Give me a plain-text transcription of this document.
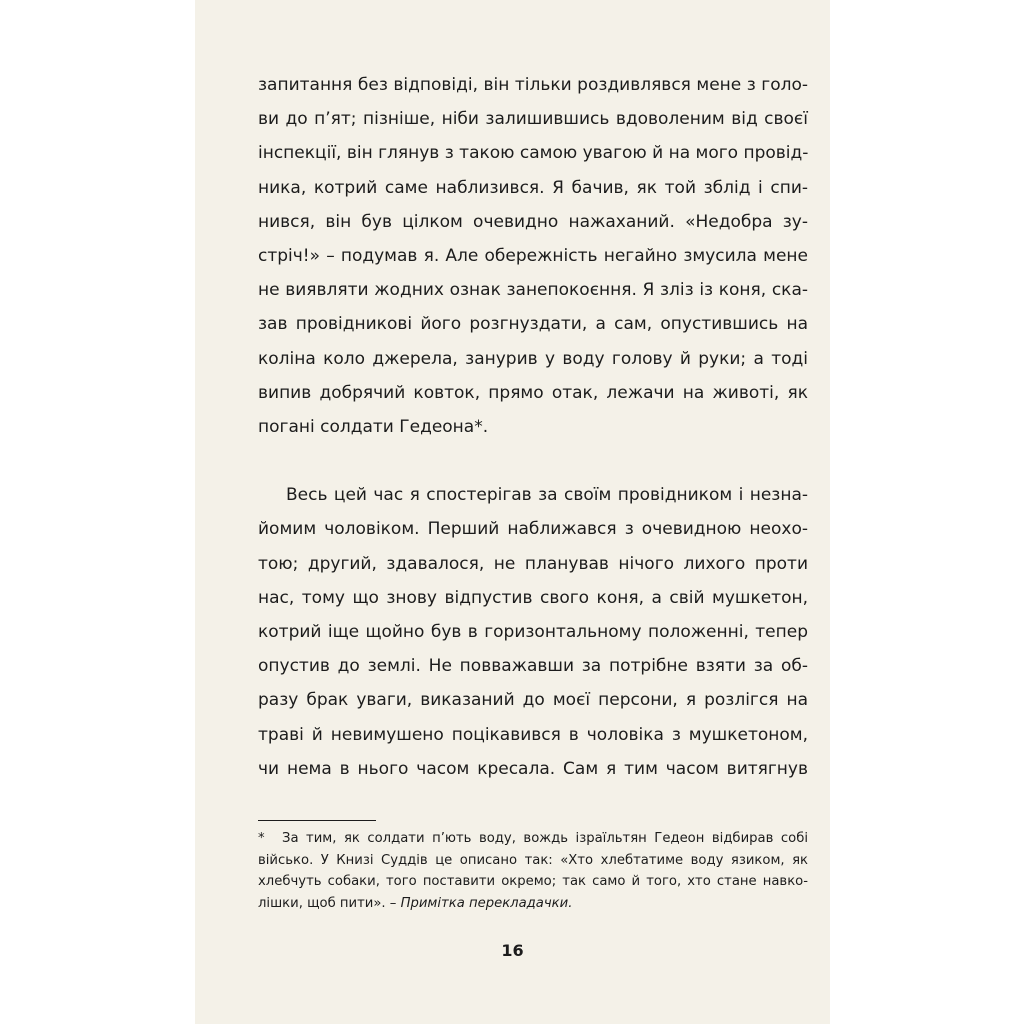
запитання без відповіді, він тільки роздивлявся мене з голо-
ви до п’ят; пізніше, ніби залишившись вдоволеним від своєї
інспекції, він глянув з такою самою увагою й на мого провід-
ника, котрий саме наблизився. Я бачив, як той зблід і спи-
нився, він був цілком очевидно нажаханий. «Недобра зу-
стріч!» – подумав я. Але обережність негайно змусила мене
не виявляти жодних ознак занепокоєння. Я зліз із коня, ска-
зав провідникові його розгнуздати, а сам, опустившись на
коліна коло джерела, занурив у воду голову й руки; а тоді
випив добрячий ковток, прямо отак, лежачи на животі, як
погані солдати Гедеона*.
Весь цей час я спостерігав за своїм провідником і незна-
йомим чоловіком. Перший наближався з очевидною неохо-
тою; другий, здавалося, не планував нічого лихого проти
нас, тому що знову відпустив свого коня, а свій мушкетон,
котрий іще щойно був в горизонтальному положенні, тепер
опустив до землі. Не повважавши за потрібне взяти за об-
разу брак уваги, виказаний до моєї персони, я розлігся на
траві й невимушено поцікавився в чоловіка з мушкетоном,
чи нема в нього часом кресала. Сам я тим часом витягнув
* За тим, як солдати п’ють воду, вождь ізраїльтян Гедеон відбирав собі
військо. У Книзі Суддів це описано так: «Хто хлебтатиме воду язиком, як
хлебчуть собаки, того поставити окремо; так само й того, хто стане навко-
лішки, щоб пити». – Примітка перекладачки.
16
